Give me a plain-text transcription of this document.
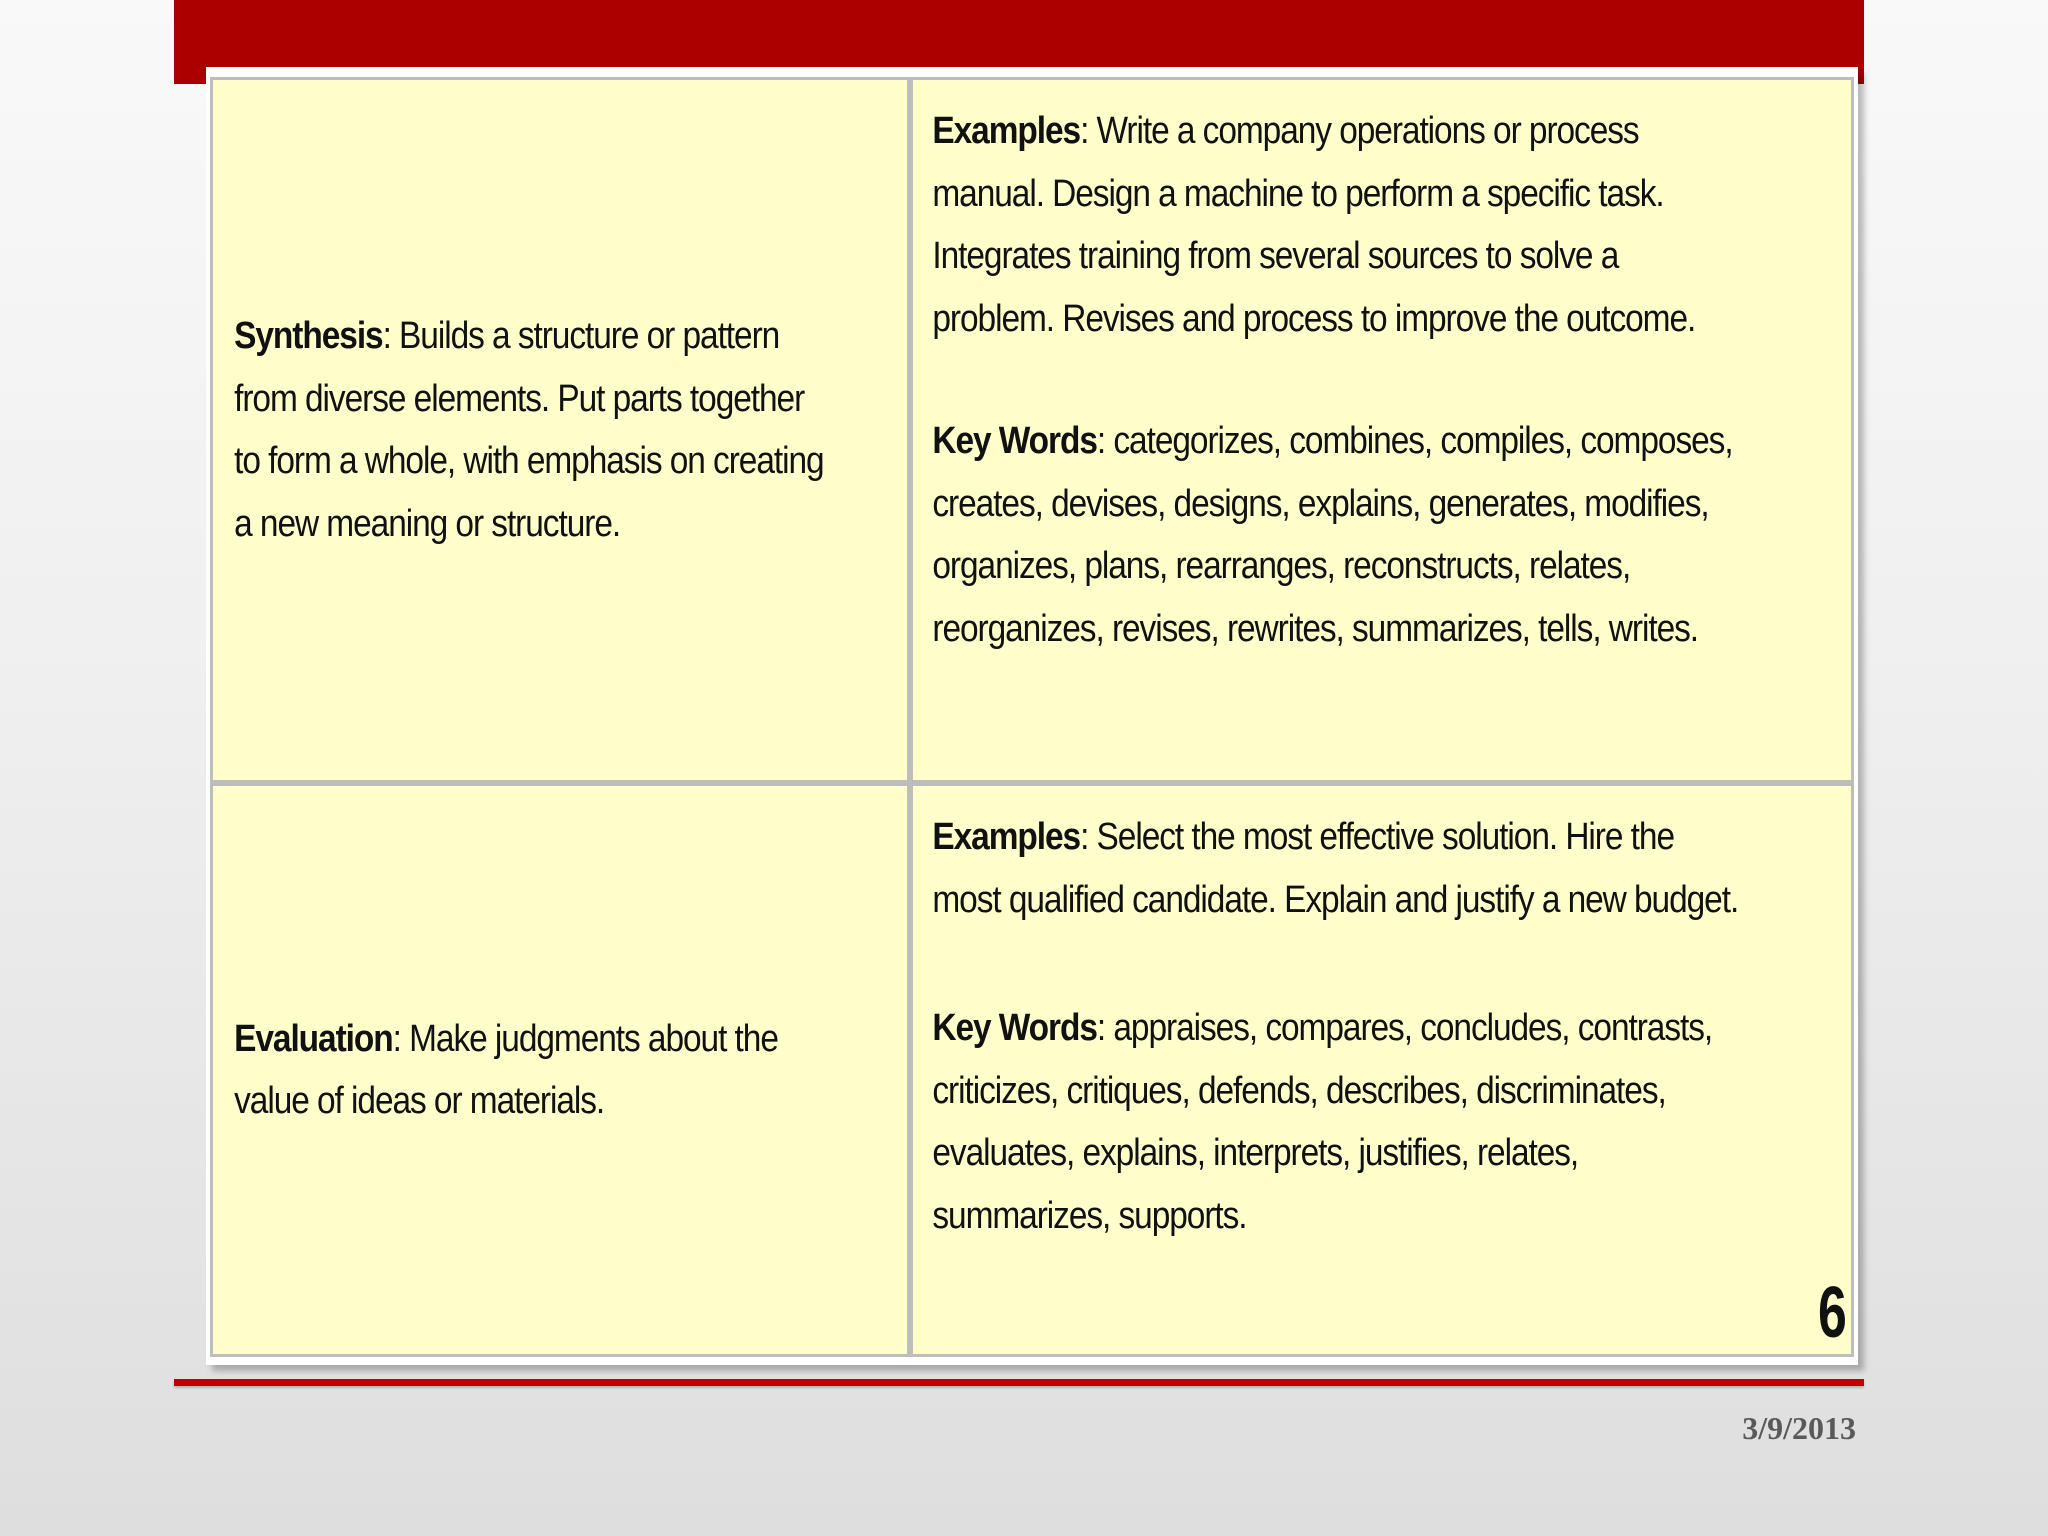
Synthesis: Builds a structure or pattern from diverse elements. Put parts together to form a whole, with emphasis on creating a new meaning or structure.
Examples: Write a company operations or process manual. Design a machine to perform a specific task. Integrates training from several sources to solve a problem. Revises and process to improve the outcome.
Key Words: categorizes, combines, compiles, composes, creates, devises, designs, explains, generates, modifies, organizes, plans, rearranges, reconstructs, relates, reorganizes, revises, rewrites, summarizes, tells, writes.
Evaluation: Make judgments about the value of ideas or materials.
Examples: Select the most effective solution. Hire the most qualified candidate. Explain and justify a new budget.
Key Words: appraises, compares, concludes, contrasts, criticizes, critiques, defends, describes, discriminates, evaluates, explains, interprets, justifies, relates, summarizes, supports.
6
3/9/2013
